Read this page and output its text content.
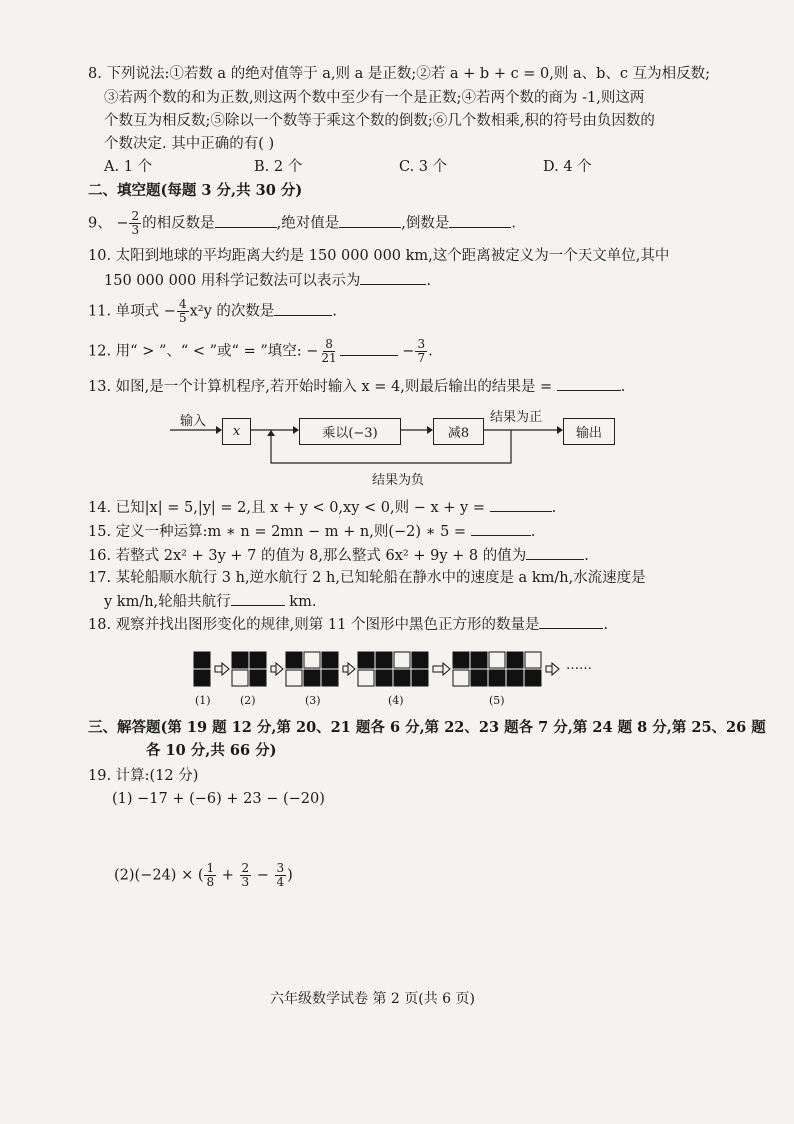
8. 下列说法:①若数 a 的绝对值等于 a,则 a 是正数;②若 a + b + c = 0,则 a、b、c 互为相反数;
③若两个数的和为正数,则这两个数中至少有一个是正数;④若两个数的商为 -1,则这两
个数互为相反数;⑤除以一个数等于乘这个数的倒数;⑥几个数相乘,积的符号由负因数的
个数决定. 其中正确的有( )
A. 1 个	B. 2 个	C. 3 个	D. 4 个
二、填空题(每题 3 分,共 30 分)
9、 − $\frac{2}{3}$ 的相反数是	,绝对值是	,倒数是	.
10. 太阳到地球的平均距离大约是 150 000 000 km,这个距离被定义为一个天文单位,其中
150 000 000 用科学记数法可以表示为	.
11. 单项式 − $\frac{4}{5} x^2y$ 的次数是	.
12. 用“ > ”、“ < ”或“ = ”填空: − $\frac{8}{21}$	− $\frac{3}{7}$ .
13. 如图,是一个计算机程序,若开始时输入 x = 4,则最后输出的结果是 =	.
输入
x	乘以(−3)	减8
结果为正
输出
结果为负
14. 已知|x| = 5,|y| = 2,且 x + y < 0,xy < 0,则 − x + y =	.
15. 定义一种运算:m ∗ n = 2mn − m + n,则(−2) ∗ 5 =	.
16. 若整式 2x² + 3y + 7 的值为 8,那么整式 6x² + 9y + 8 的值为	.
17. 某轮船顺水航行 3 h,逆水航行 2 h,已知轮船在静水中的速度是 a km/h,水流速度是
y km/h,轮船共航行	km.
18. 观察并找出图形变化的规律,则第 11 个图形中黑色正方形的数量是	.
(1)	(2)	(3)	(4)	(5)
……
三、解答题(第 19 题 12 分,第 20、21 题各 6 分,第 22、23 题各 7 分,第 24 题 8 分,第 25、26 题
各 10 分,共 66 分)
19. 计算:(12 分)
(1) −17 + (−6) + 23 − (−20)
(2)(−24) × ( $\frac{1}{8} + \frac{2}{3} - \frac{3}{4}$ )
六年级数学试卷 第 2 页(共 6 页)
